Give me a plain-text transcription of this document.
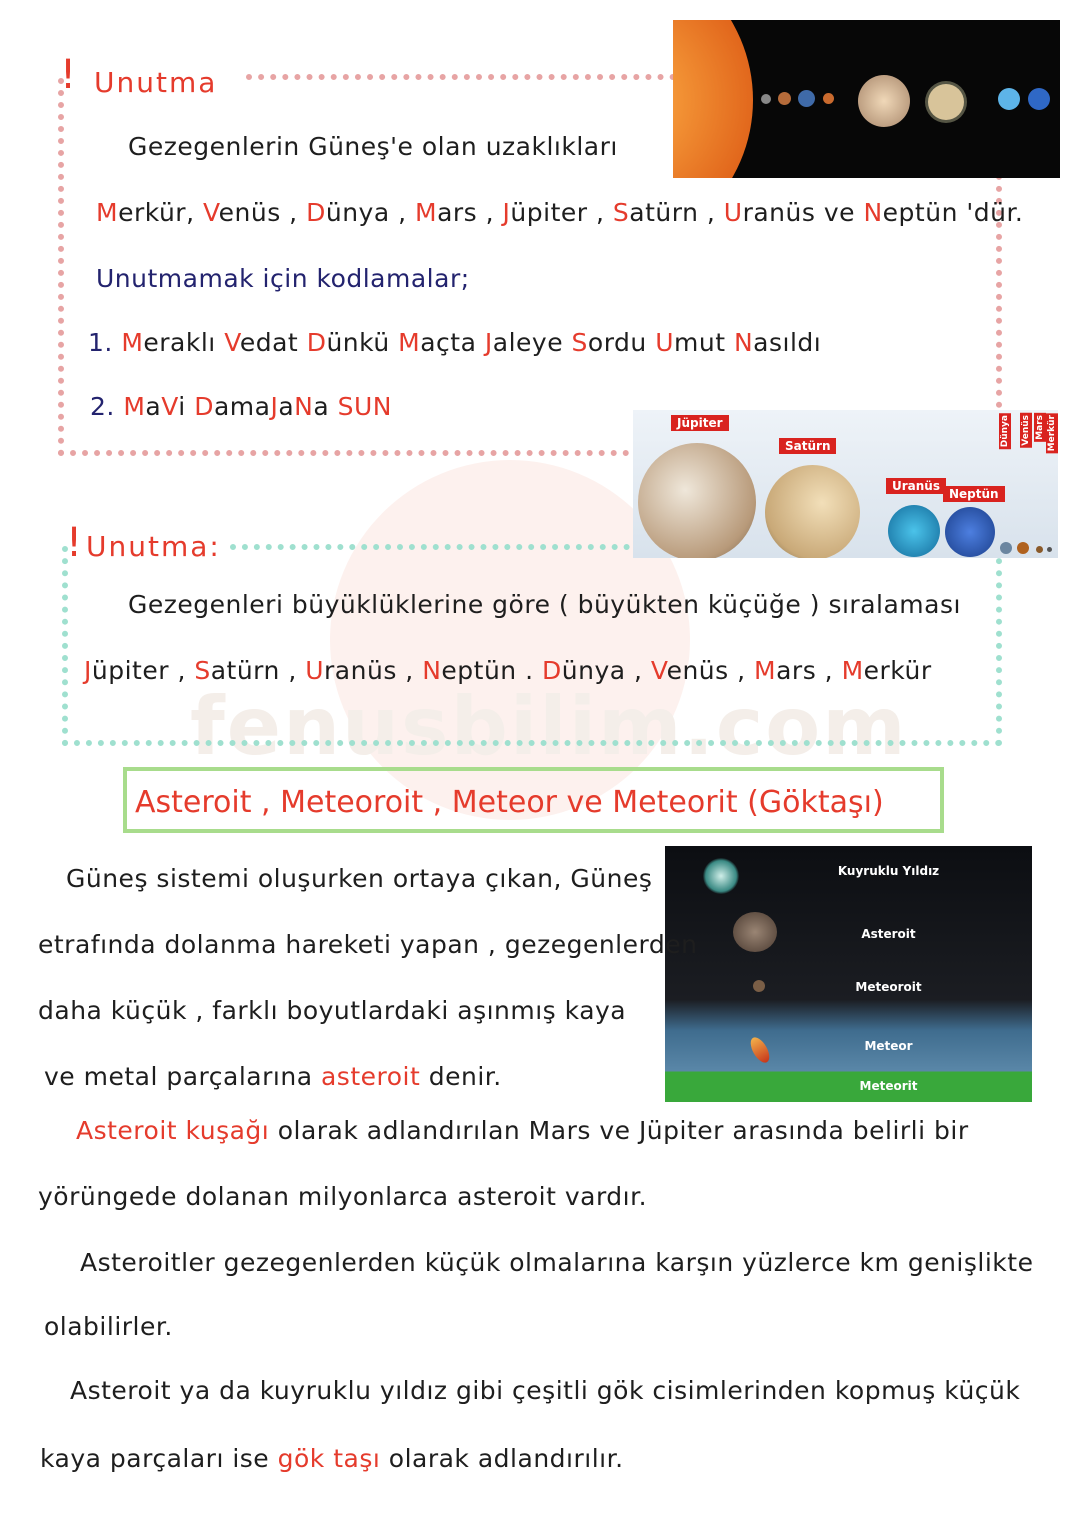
fenusbilim.com
! Unutma
! Unutma:
Jüpiter
Satürn
Uranüs
Neptün
Dünya Venüs Mars Merkür
Asteroit , Meteoroit , Meteor ve Meteorit (Göktaşı)
Kuyruklu Yıldız
Asteroit
Meteoroit
Meteor
Meteorit
Gezegenlerin Güneş'e olan uzaklıkları
Merkür, Venüs , Dünya , Mars , Jüpiter , Satürn , Uranüs ve Neptün 'dür.
Unutmamak için kodlamalar;
1. Meraklı Vedat Dünkü Maçta Jaleye Sordu Umut Nasıldı
2. MaVi DamaJaNa SUN
Gezegenleri büyüklüklerine göre ( büyükten küçüğe ) sıralaması
Jüpiter , Satürn , Uranüs , Neptün . Dünya , Venüs , Mars , Merkür
Güneş sistemi oluşurken ortaya çıkan, Güneş
etrafında dolanma hareketi yapan , gezegenlerden
daha küçük , farklı boyutlardaki aşınmış kaya
ve metal parçalarına asteroit denir.
Asteroit kuşağı olarak adlandırılan Mars ve Jüpiter arasında belirli bir
yörüngede dolanan milyonlarca asteroit vardır.
Asteroitler gezegenlerden küçük olmalarına karşın yüzlerce km genişlikte
olabilirler.
Asteroit ya da kuyruklu yıldız gibi çeşitli gök cisimlerinden kopmuş küçük
kaya parçaları ise gök taşı olarak adlandırılır.
